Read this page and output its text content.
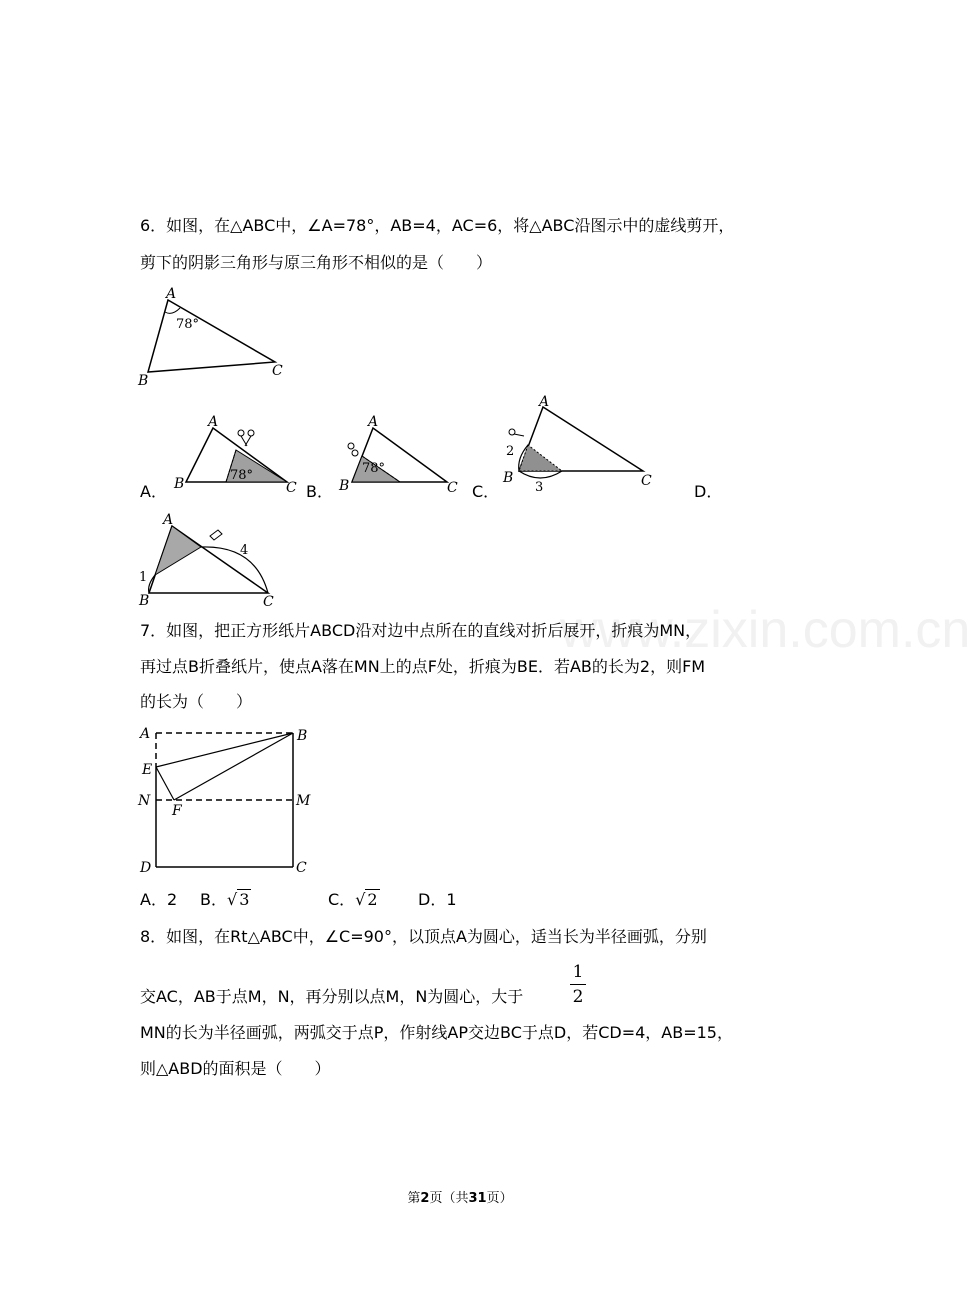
www.zixin.com.cn
6．如图，在△ABC中，∠A=78°，AB=4，AC=6，将△ABC沿图示中的虚线剪开，
剪下的阴影三角形与原三角形不相似的是（　　）
A
B
C
78°
A
B	C
78°
A．
A
B	C
78°
B．
A
B	C
2
3
C．	D．
A
B	C
1
4
7．如图，把正方形纸片ABCD沿对边中点所在的直线对折后展开，折痕为MN，
再过点B折叠纸片，使点A落在MN上的点F处，折痕为BE．若AB的长为2，则FM
的长为（　　）
A	B
E
N	M
F
D	C
A．2 B．√ 3	C．√ 2	D．1
8．如图，在Rt△ABC中，∠C=90°，以顶点A为圆心，适当长为半径画弧，分别
交AC，AB于点M，N，再分别以点M，N为圆心，大于
1
2
MN的长为半径画弧，两弧交于点P，作射线AP交边BC于点D，若CD=4，AB=15，
则△ABD的面积是（　　）
第2页（共31页）
